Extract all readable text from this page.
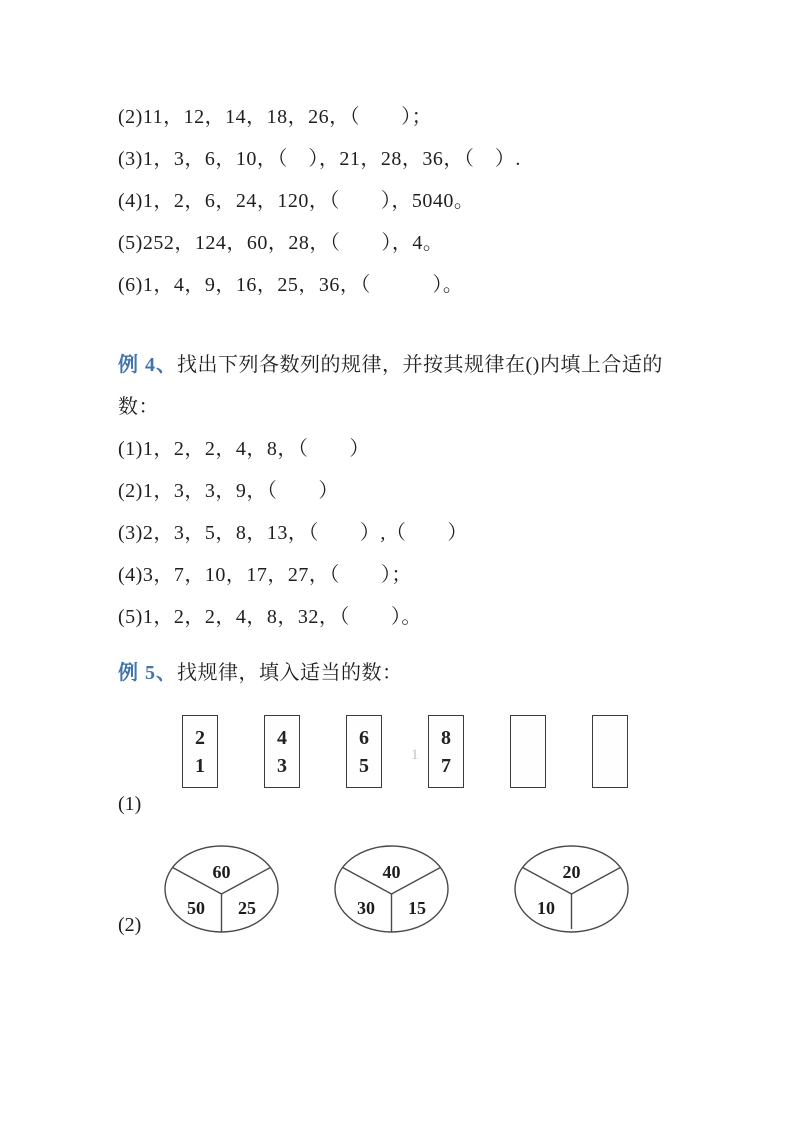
(2)11，12，14，18，26，（　　）；

(3)1，3，6，10，（　），21，28，36，（　）.

(4)1，2，6，24，120，（　　），5040。

(5)252，124，60，28，（　　），4。

(6)1，4，9，16，25，36，（　　　）。

例 4、找出下列各数列的规律，并按其规律在()内填上合适的

数：

(1)1，2，2，4，8，（　　）

(2)1，3，3，9，（　　）

(3)2，3，5，8，13，（　　）,（　　）

(4)3，7，10，17，27，（　　）；

(5)1，2，2，4，8，32，（　　）。

例 5、找规律，填入适当的数：

2
1
4
3
6
5
8
7
1

(1)

60
50 25
40
30 15
20
10
(2)
